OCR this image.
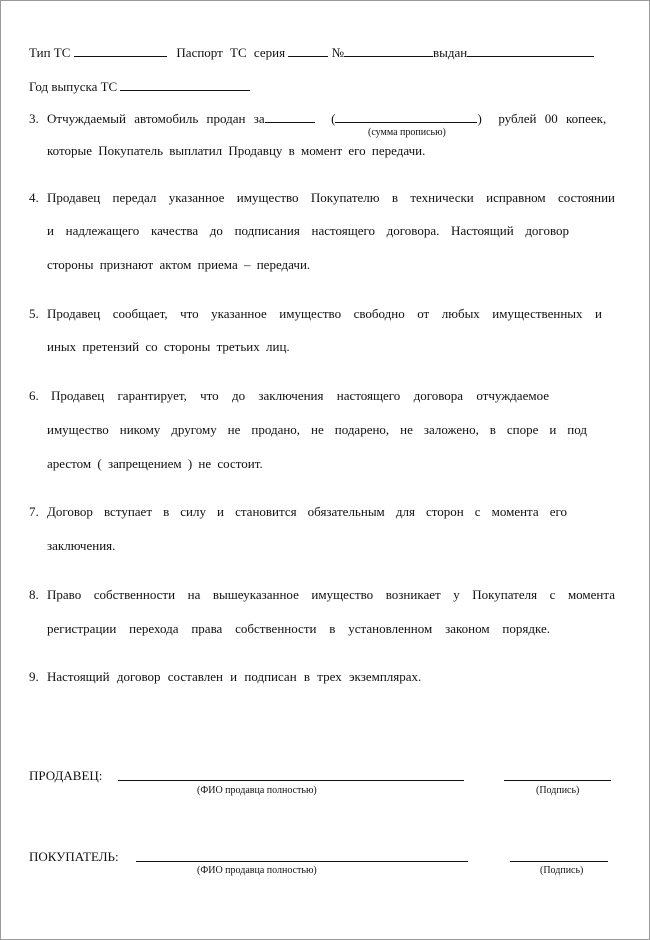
Тип ТС	Паспорт ТС серия	№	выдан
Год выпуска ТС
3. Отчуждаемый автомобиль продан за	(	)  рублей 00 копеек,
(сумма прописью)
которые Покупатель выплатил Продавцу в момент его передачи.
4. Продавец передал указанное имущество Покупателю в технически исправном состоянии
и надлежащего качества до подписания настоящего договора. Настоящий договор
стороны признают актом приема – передачи.
5. Продавец сообщает, что указанное имущество свободно от любых имущественных и
иных претензий со стороны третьих лиц.
6. Продавец гарантирует, что до заключения настоящего договора отчуждаемое
имущество никому другому не продано, не подарено, не заложено, в споре и под
арестом ( запрещением ) не состоит.
7. Договор вступает в силу и становится обязательным для сторон с момента его
заключения.
8. Право собственности на вышеуказанное имущество возникает у Покупателя с момента
регистрации перехода права собственности в установленном законом порядке.
9. Настоящий договор составлен и подписан в трех экземплярах.
ПРОДАВЕЦ:
(ФИО продавца полностью)	(Подпись)
ПОКУПАТЕЛЬ:
(ФИО продавца полностью)	(Подпись)
